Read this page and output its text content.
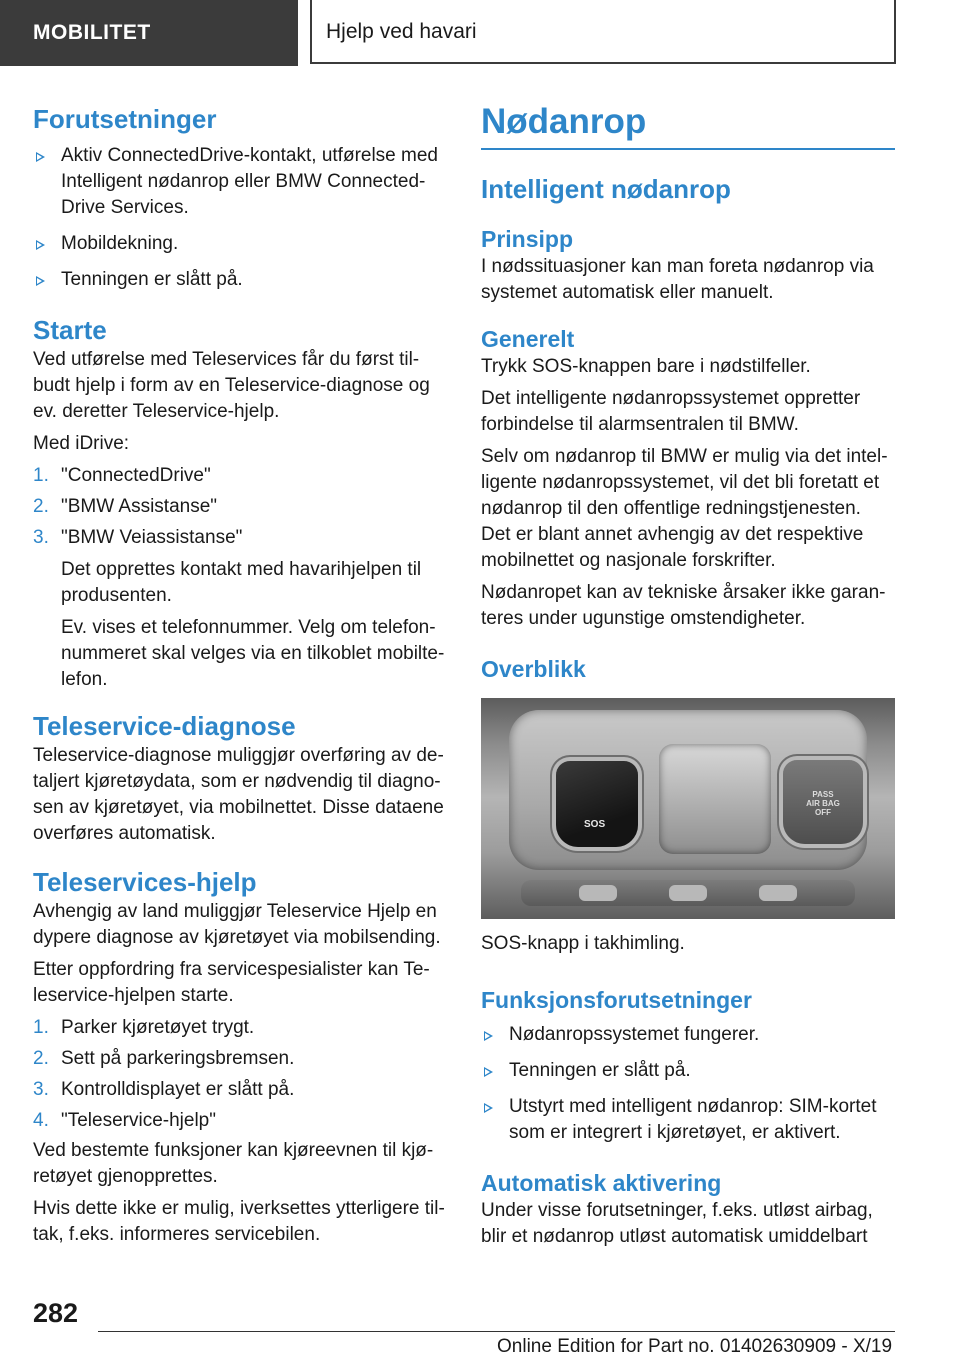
MOBILITET	Hjelp ved havari
Forutsetninger
Aktiv ConnectedDrive-kontakt, utførelse med Intelligent nødanrop eller BMW Connected-Drive Services.
Mobildekning.
Tenningen er slått på.
Starte

Ved utførelse med Teleservices får du først til-budt hjelp i form av en Teleservice-diagnose og ev. deretter Teleservice-hjelp.

Med iDrive:

1. "ConnectedDrive"
2. "BMW Assistanse"
3. "BMW Veiassistanse"

Det opprettes kontakt med havarihjelpen til produsenten.

Ev. vises et telefonnummer. Velg om telefon-nummeret skal velges via en tilkoblet mobilte-lefon.

Teleservice-diagnose

Teleservice-diagnose muliggjør overføring av de-taljert kjøretøydata, som er nødvendig til diagno-sen av kjøretøyet, via mobilnettet. Disse dataene overføres automatisk.

Teleservices-hjelp

Avhengig av land muliggjør Teleservice Hjelp en dypere diagnose av kjøretøyet via mobilsending.

Etter oppfordring fra servicespesialister kan Te-leservice-hjelpen starte.

1. Parker kjøretøyet trygt.
2. Sett på parkeringsbremsen.
3. Kontrolldisplayet er slått på.
4. "Teleservice-hjelp"

Ved bestemte funksjoner kan kjøreevnen til kjø-retøyet gjenopprettes.

Hvis dette ikke er mulig, iverksettes ytterligere til-tak, f.eks. informeres servicebilen.

Nødanrop
Intelligent nødanrop
Prinsipp

I nødssituasjoner kan man foreta nødanrop via systemet automatisk eller manuelt.

Generelt

Trykk SOS-knappen bare i nødstilfeller.

Det intelligente nødanropssystemet oppretter forbindelse til alarmsentralen til BMW.

Selv om nødanrop til BMW er mulig via det intel-ligente nødanropssystemet, vil det bli foretatt et nødanrop til den offentlige redningstjenesten. Det er blant annet avhengig av det respektive mobilnettet og nasjonale forskrifter.

Nødanropet kan av tekniske årsaker ikke garan-teres under ugunstige omstendigheter.

Overblikk
SOS
PASS
AIR BAG
OFF

SOS-knapp i takhimling.

Funksjonsforutsetninger
Nødanropssystemet fungerer.
Tenningen er slått på.
Utstyrt med intelligent nødanrop: SIM-kortet som er integrert i kjøretøyet, er aktivert.
Automatisk aktivering

Under visse forutsetninger, f.eks. utløst airbag, blir et nødanrop utløst automatisk umiddelbart

282
Online Edition for Part no. 01402630909 - X/19
